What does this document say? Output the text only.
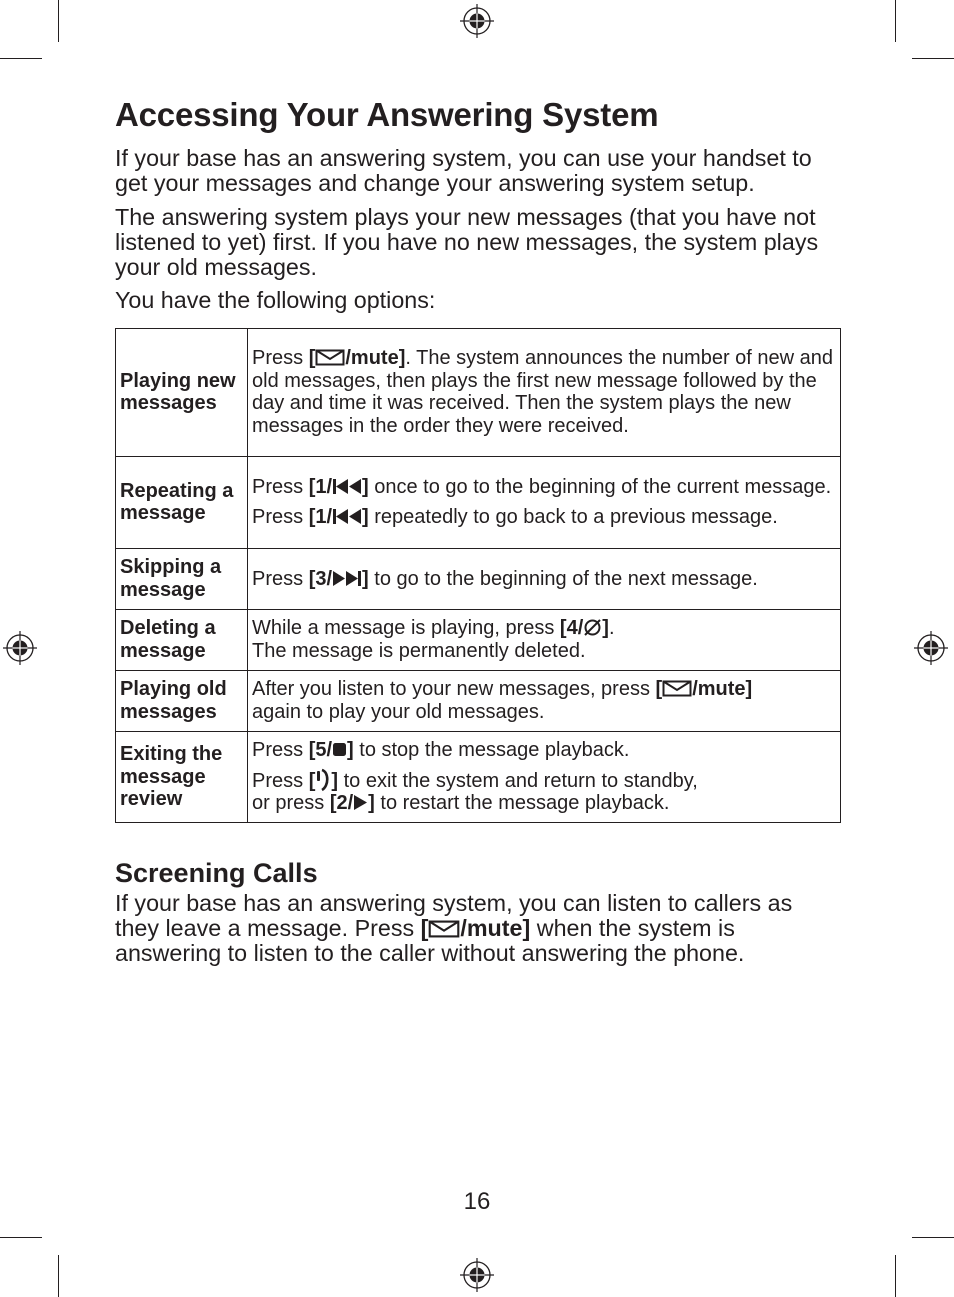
Accessing Your Answering System

If your base has an answering system, you can use your handset to get your messages and change your answering system setup.

The answering system plays your new messages (that you have not listened to yet) first. If you have no new messages, the system plays your old messages.

You have the following options:

Playing new messages	Press [ /mute]. The system announces the number of new and old messages, then plays the first new message followed by the day and time it was received. Then the system plays the new messages in the order they were received.
Repeating a message	Press [1/ ] once to go to the beginning of the current message.
Press [1/ ] repeatedly to go back to a previous message.

Skipping a message	Press [3/ ] to go to the beginning of the next message.
Deleting a message	While a message is playing, press [4/ ].
The message is permanently deleted.
Playing old messages	After you listen to your new messages, press [ /mute]
again to play your old messages.
Exiting the message review	Press [5/ ] to stop the message playback.
Press [ ] to exit the system and return to standby,
or press [2/ ] to restart the message playback.
Screening Calls

If your base has an answering system, you can listen to callers as they leave a message. Press [ /mute] when the system is answering to listen to the caller without answering the phone.

16
